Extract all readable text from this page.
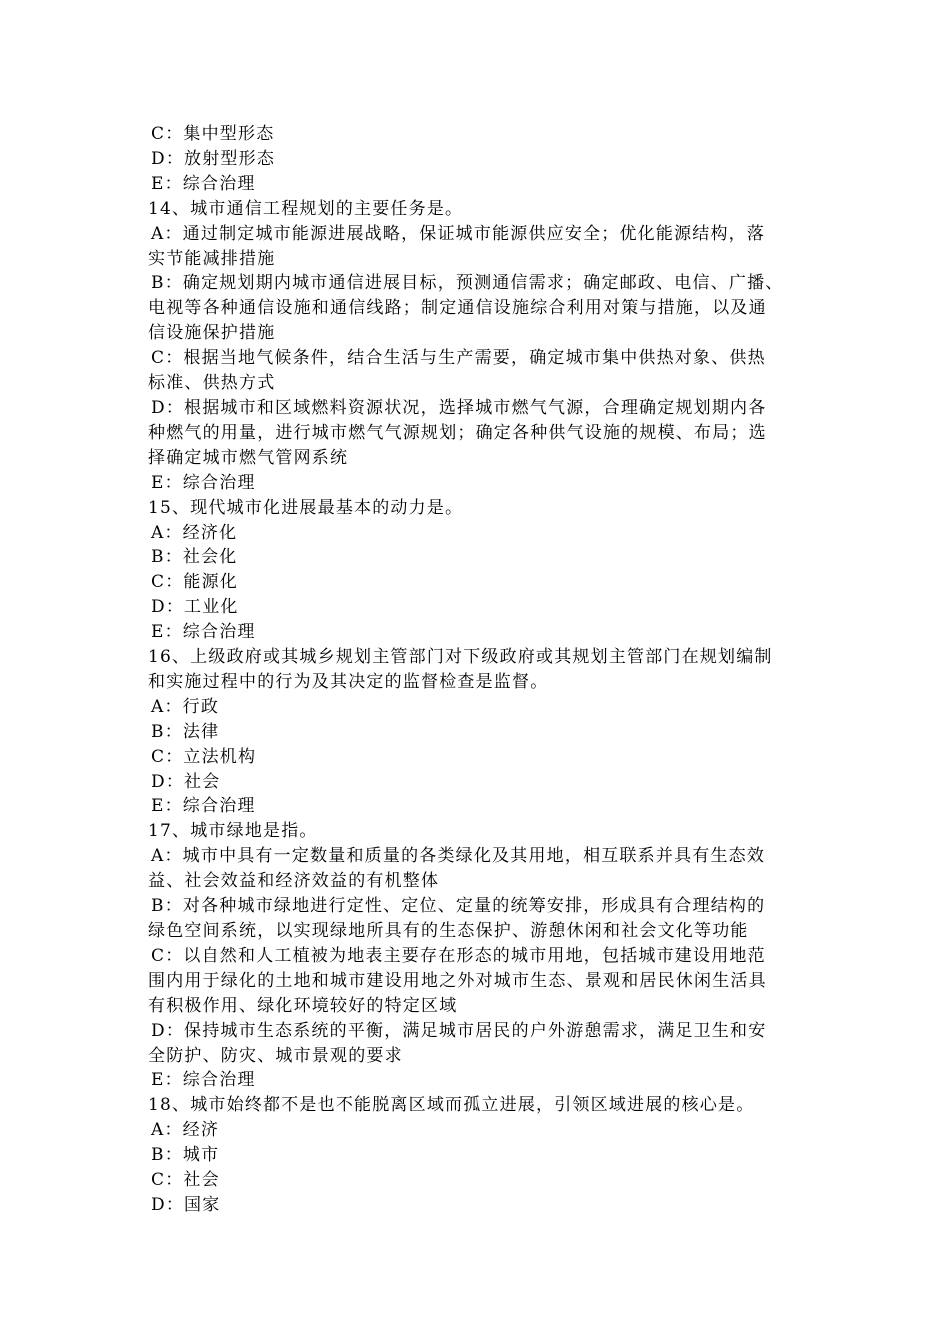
C：集中型形态

D：放射型形态

E：综合治理

14、城市通信工程规划的主要任务是。

A：通过制定城市能源进展战略，保证城市能源供应安全；优化能源结构，落

实节能减排措施

B：确定规划期内城市通信进展目标，预测通信需求；确定邮政、电信、广播、

电视等各种通信设施和通信线路；制定通信设施综合利用对策与措施，以及通

信设施保护措施

C：根据当地气候条件，结合生活与生产需要，确定城市集中供热对象、供热

标准、供热方式

D：根据城市和区域燃料资源状况，选择城市燃气气源，合理确定规划期内各

种燃气的用量，进行城市燃气气源规划；确定各种供气设施的规模、布局；选

择确定城市燃气管网系统

E：综合治理

15、现代城市化进展最基本的动力是。

A：经济化

B：社会化

C：能源化

D：工业化

E：综合治理

16、上级政府或其城乡规划主管部门对下级政府或其规划主管部门在规划编制

和实施过程中的行为及其决定的监督检查是监督。

A：行政

B：法律

C：立法机构

D：社会

E：综合治理

17、城市绿地是指。

A：城市中具有一定数量和质量的各类绿化及其用地，相互联系并具有生态效

益、社会效益和经济效益的有机整体

B：对各种城市绿地进行定性、定位、定量的统筹安排，形成具有合理结构的

绿色空间系统，以实现绿地所具有的生态保护、游憩休闲和社会文化等功能

C：以自然和人工植被为地表主要存在形态的城市用地，包括城市建设用地范

围内用于绿化的土地和城市建设用地之外对城市生态、景观和居民休闲生活具

有积极作用、绿化环境较好的特定区域

D：保持城市生态系统的平衡，满足城市居民的户外游憩需求，满足卫生和安

全防护、防灾、城市景观的要求

E：综合治理

18、城市始终都不是也不能脱离区域而孤立进展，引领区域进展的核心是。

A：经济

B：城市

C：社会

D：国家
